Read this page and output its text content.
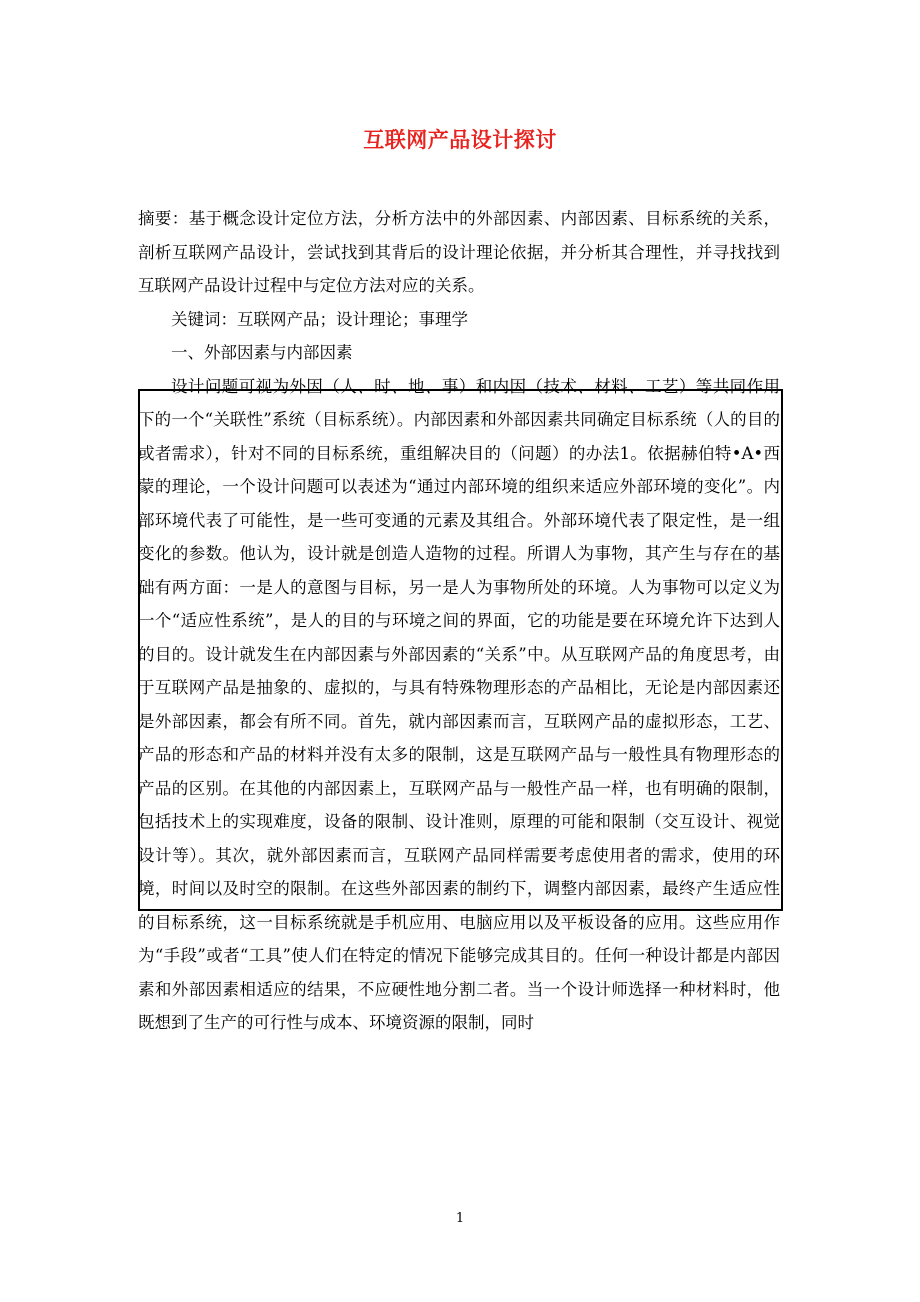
互联网产品设计探讨

摘要：基于概念设计定位方法，分析方法中的外部因素、内部因素、目标系统的关系，剖析互联网产品设计，尝试找到其背后的设计理论依据，并分析其合理性，并寻找找到互联网产品设计过程中与定位方法对应的关系。

关键词：互联网产品；设计理论；事理学

一、外部因素与内部因素

设计问题可视为外因（人、时、地、事）和内因（技术、材料、工艺）等共同作用下的一个“关联性”系统（目标系统）。内部因素和外部因素共同确定目标系统（人的目的或者需求），针对不同的目标系统，重组解决目的（问题）的办法1。依据赫伯特•A•西蒙的理论，一个设计问题可以表述为“通过内部环境的组织来适应外部环境的变化”。内部环境代表了可能性，是一些可变通的元素及其组合。外部环境代表了限定性，是一组变化的参数。他认为，设计就是创造人造物的过程。所谓人为事物，其产生与存在的基础有两方面：一是人的意图与目标，另一是人为事物所处的环境。人为事物可以定义为一个“适应性系统”，是人的目的与环境之间的界面，它的功能是要在环境允许下达到人的目的。设计就发生在内部因素与外部因素的“关系”中。从互联网产品的角度思考，由于互联网产品是抽象的、虚拟的，与具有特殊物理形态的产品相比，无论是内部因素还是外部因素，都会有所不同。首先，就内部因素而言，互联网产品的虚拟形态，工艺、产品的形态和产品的材料并没有太多的限制，这是互联网产品与一般性具有物理形态的产品的区别。在其他的内部因素上，互联网产品与一般性产品一样，也有明确的限制，包括技术上的实现难度，设备的限制、设计准则，原理的可能和限制（交互设计、视觉设计等）。其次，就外部因素而言，互联网产品同样需要考虑使用者的需求，使用的环境，时间以及时空的限制。在这些外部因素的制约下，调整内部因素，最终产生适应性的目标系统，这一目标系统就是手机应用、电脑应用以及平板设备的应用。这些应用作为“手段”或者“工具”使人们在特定的情况下能够完成其目的。任何一种设计都是内部因素和外部因素相适应的结果，不应硬性地分割二者。当一个设计师选择一种材料时，他既想到了生产的可行性与成本、环境资源的限制，同时

1
